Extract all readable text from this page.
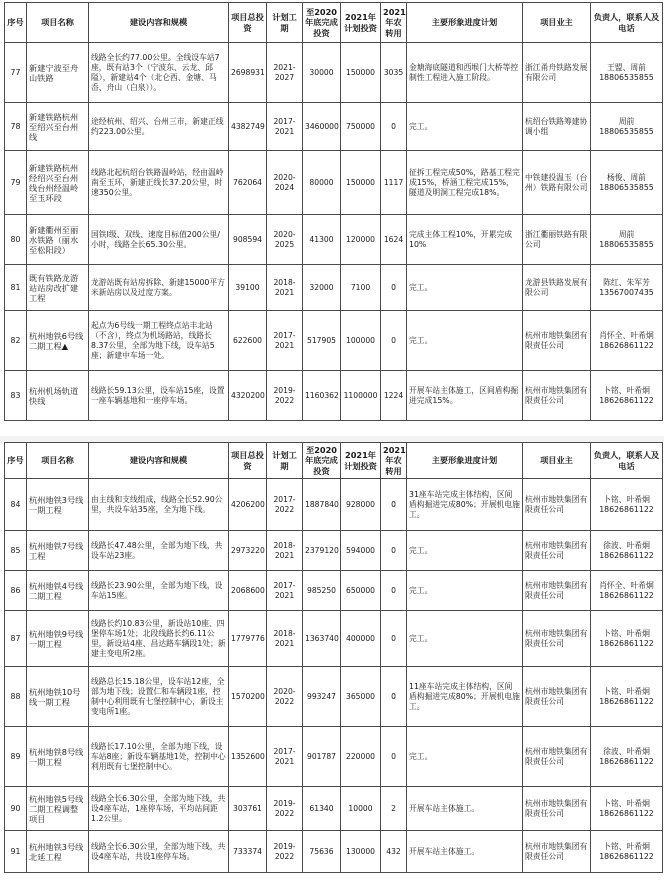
序号	项目名称	建设内容和规模	项目总投资	计划工期	至2020年底完成投资	2021年计划投资	2021年农转用	主要形象进度计划	项目业主	负责人，联系人及电话
77	新建宁波至舟山铁路	线路全长约77.00公里。全线设车站7座，既有站3个（宁波东、云龙、邱隘），新建站4个（北仑西、金塘、马岙、舟山（白泉））。	2698931	2021-2027	30000	150000	3035	金塘海底隧道和西堠门大桥等控制性工程进入施工阶段。	浙江甬舟铁路发展有限公司	王盟、周前18806535855
78	新建铁路杭州至绍兴至台州线	途经杭州、绍兴、台州三市，新建正线约223.00公里。	4382749	2017-2021	3460000	750000	0	完工。	杭绍台铁路筹建协调小组	周前18806535855
79	新建铁路杭州经绍兴至台州线台州经温岭至玉环段	线路北起杭绍台铁路温岭站，经由温岭南至玉环，新建正线长37.20公里，时速350公里。	762064	2020-2024	80000	150000	1117	征拆工程完成50%，路基工程完成15%，桥涵工程完成15%，隧道及明洞工程完成18%。	中铁建投温玉（台州）铁路有限公司	杨俊、周前18806535855
80	新建衢州至丽水铁路（丽水至松阳段）	国铁Ⅰ级、双线、速度目标值200公里/小时，线路全长65.30公里。	908594	2020-2025	41300	120000	1624	完成主体工程10%，开累完成10%	浙江衢丽铁路有限公司	周前18806535855
81	既有铁路龙游站站房改扩建工程	龙游站既有站房拆除、新建15000平方米新站房以及过度方案。	39100	2018-2021	32000	7100	0	完工。	龙游县铁路发展有限公司	陈红、朱军芳13567007435
82	杭州地铁6号线二期工程▲	起点为6号线一期工程终点站丰北站（不含），终点为机场路站，线路长8.37公里，全部为地下线，设车站5座；新建中车场一处。	622600	2017-2021	517905	100000	0	完工。	杭州市地铁集团有限责任公司	肖怀全、叶希炯18626861122
83	杭州机场轨道快线	线路长59.13公里，设车站15座，设置一座车辆基地和一座停车场。	4320200	2019-2022	1160362	1100000	1224	开展车站主体施工，区间盾构掘进完成15%。	杭州市地铁集团有限责任公司	卜铭、叶希炯18626861122
序号	项目名称	建设内容和规模	项目总投资	计划工期	至2020年底完成投资	2021年计划投资	2021年农转用	主要形象进度计划	项目业主	负责人，联系人及电话
84	杭州地铁3号线一期工程	由主线和支线组成，线路全长52.90公里，共设车站35座，全为地下线。	4206200	2017-2022	1887840	928000	0	31座车站完成主体结构，区间盾构掘进完成80%；开展机电施工。	杭州市地铁集团有限责任公司	卜铭、叶希炯18626861122
85	杭州地铁7号线工程	线路长47.48公里，全部为地下线，共设车站23座。	2973220	2018-2021	2379120	594000	0	完工。	杭州市地铁集团有限责任公司	徐波、叶希炯18626861122
86	杭州地铁4号线二期工程	线路长23.90公里，全部为地下线，设车站15座。	2068600	2017-2021	985250	650000	0	完工。	杭州市地铁集团有限责任公司	肖怀全、叶希炯18626861122
87	杭州地铁9号线一期工程	线路长约10.83公里，新设站10座、四堡停车场1处；北段线路长约6.11公里，新设站4座、昌达路车辆段1处；新建主变电所2座。	1779776	2018-2021	1363740	400000	0	完工。	杭州市地铁集团有限责任公司	卜铭、叶希炯18626861122
88	杭州地铁10号线一期工程	线路总长15.18公里，设车站12座，全部为地下线；设置仁和车辆段1座，控制中心利用既有七堡控制中心，新设主变电所1座。	1570200	2020-2022	993247	365000	0	11座车站完成主体结构，区间盾构掘进完成80%；开展机电施工。	杭州市地铁集团有限责任公司	卜铭、叶希炯18626861122
89	杭州地铁8号线一期工程	线路长17.10公里，全部为地下线，设车站8座；新设车辆基地1处，控制中心利用既有七堡控制中心。	1352600	2017-2021	901787	220000	0	完工。	杭州市地铁集团有限责任公司	徐波、叶希炯18626861122
90	杭州地铁5号线二期工程调整项目	线路全长6.30公里，全部为地下线，共设4座车站，1座停车场，平均站间距1.2公里。	303761	2019-2022	61340	10000	2	开展车站主体施工。	杭州市地铁集团有限责任公司	卜铭、叶希炯18626861122
91	杭州地铁3号线北延工程	线路全长6.30公里，全部为地下线，共设4座车站，共设1座停车场。	733374	2019-2022	75636	130000	432	开展车站主体施工。	杭州市地铁集团有限责任公司	卜铭、叶希炯18626861122
